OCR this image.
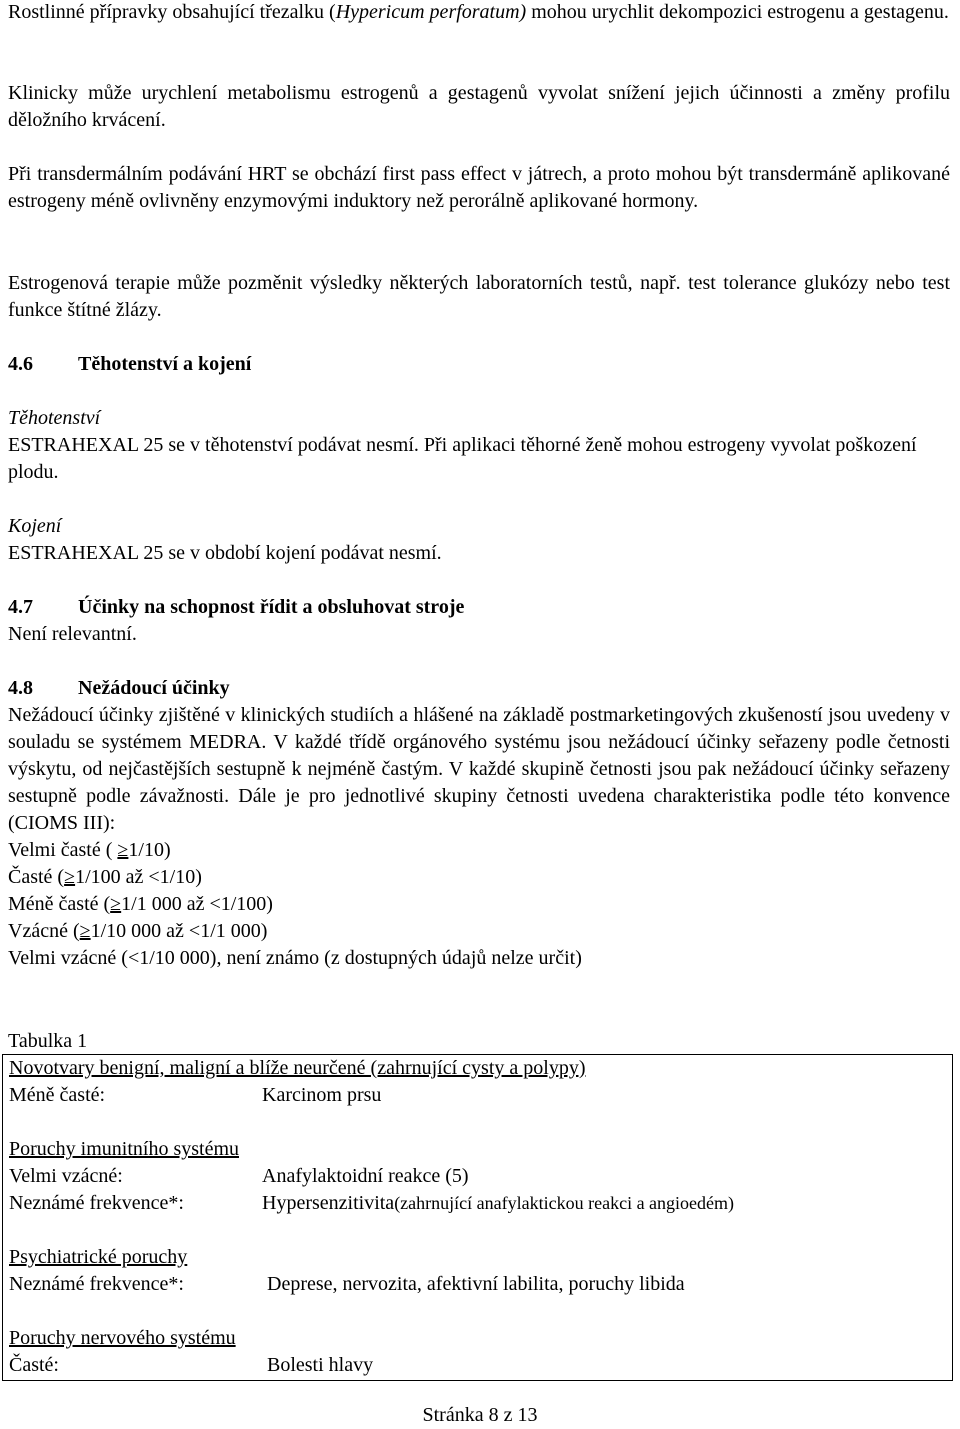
Rostlinné přípravky obsahující třezalku (Hypericum perforatum) mohou urychlit dekompozici estrogenu a gestagenu.

Klinicky může urychlení metabolismu estrogenů a gestagenů vyvolat snížení jejich účinnosti a změny profilu děložního krvácení.

Při transdermálním podávání HRT se obchází first pass effect v játrech, a proto mohou být transdermáně aplikované estrogeny méně ovlivněny enzymovými induktory než perorálně aplikované hormony.

Estrogenová terapie může pozměnit výsledky některých laboratorních testů, např. test tolerance glukózy nebo test funkce štítné žlázy.

4.6 Těhotenství a kojení
Těhotenství

ESTRAHEXAL 25 se v těhotenství podávat nesmí. Při aplikaci těhorné ženě mohou estrogeny vyvolat poškození plodu.

Kojení

ESTRAHEXAL 25 se v období kojení podávat nesmí.

4.7 Účinky na schopnost řídit a obsluhovat stroje

Není relevantní.

4.8 Nežádoucí účinky

Nežádoucí účinky zjištěné v klinických studiích a hlášené na základě postmarketingových zkušeností jsou uvedeny v souladu se systémem MEDRA. V každé třídě orgánového systému jsou nežádoucí účinky seřazeny podle četnosti výskytu, od nejčastějších sestupně k nejméně častým. V každé skupině četnosti jsou pak nežádoucí účinky seřazeny sestupně podle závažnosti. Dále je pro jednotlivé skupiny četnosti uvedena charakteristika podle této konvence (CIOMS III):

Velmi časté ( ≥1/10)
Časté (≥1/100 až <1/10)
Méně časté (≥1/1 000 až <1/100)
Vzácné (≥1/10 000 až <1/1 000)
Velmi vzácné (<1/10 000), není známo (z dostupných údajů nelze určit)
Tabulka 1
Novotvary benigní, maligní a blíže neurčené (zahrnující cysty a polypy)
Méně časté:	Karcinom prsu
Poruchy imunitního systému
Velmi vzácné:	Anafylaktoidní reakce (5)
Neznámé frekvence*:	Hypersenzitivita(zahrnující anafylaktickou reakci a angioedém)
Psychiatrické poruchy
Neznámé frekvence*:	Deprese, nervozita, afektivní labilita, poruchy libida
Poruchy nervového systému
Časté:	Bolesti hlavy
Stránka 8 z 13
